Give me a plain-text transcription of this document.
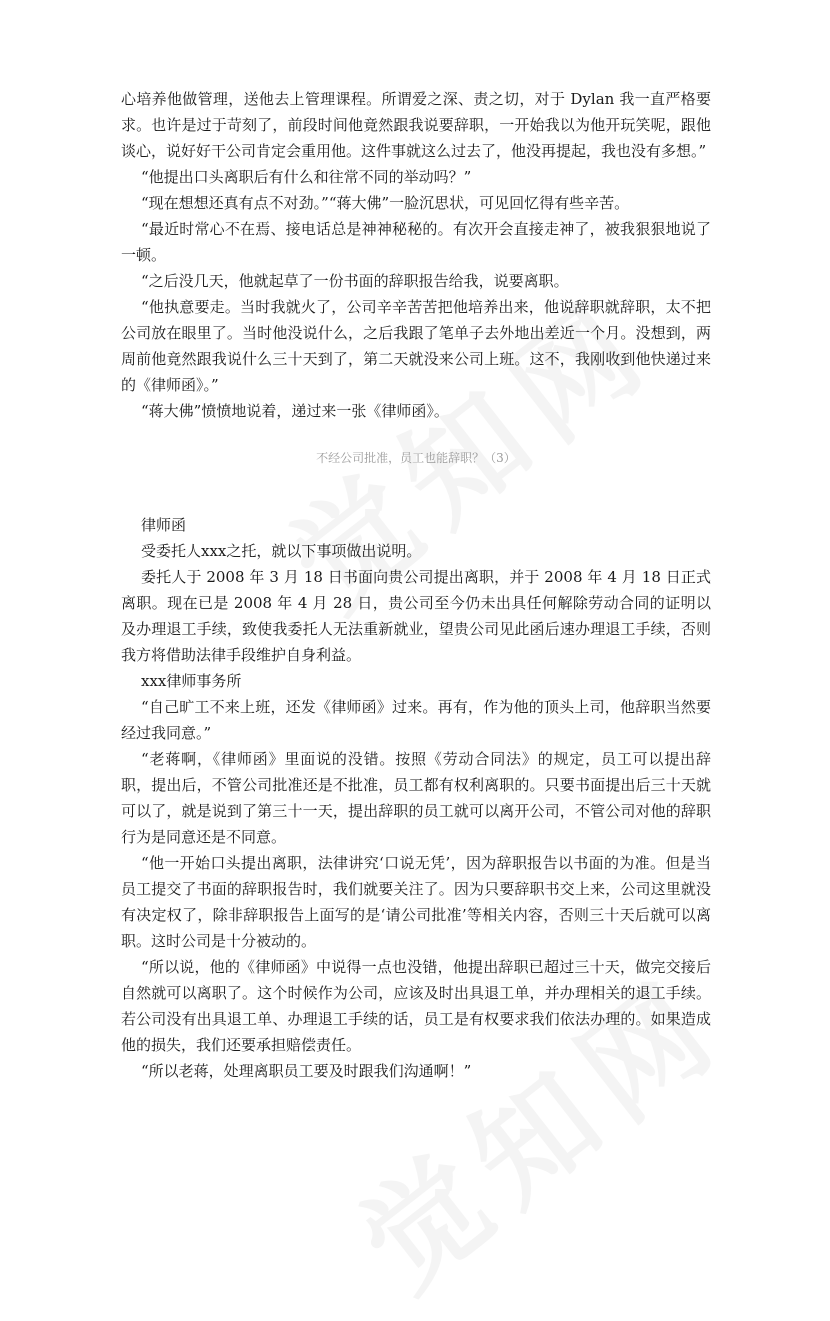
心培养他做管理，送他去上管理课程。所谓爱之深、责之切，对于 Dylan 我一直严格要求。也许是过于苛刻了，前段时间他竟然跟我说要辞职，一开始我以为他开玩笑呢，跟他谈心，说好好干公司肯定会重用他。这件事就这么过去了，他没再提起，我也没有多想。”

“他提出口头离职后有什么和往常不同的举动吗？”

“现在想想还真有点不对劲。”“蒋大佛”一脸沉思状，可见回忆得有些辛苦。

“最近时常心不在焉、接电话总是神神秘秘的。有次开会直接走神了，被我狠狠地说了一顿。

“之后没几天，他就起草了一份书面的辞职报告给我，说要离职。

“他执意要走。当时我就火了，公司辛辛苦苦把他培养出来，他说辞职就辞职，太不把公司放在眼里了。当时他没说什么，之后我跟了笔单子去外地出差近一个月。没想到，两周前他竟然跟我说什么三十天到了，第二天就没来公司上班。这不，我刚收到他快递过来的《律师函》。”

“蒋大佛”愤愤地说着，递过来一张《律师函》。

不经公司批准，员工也能辞职？（3）

律师函

受委托人xxx之托，就以下事项做出说明。

委托人于 2008 年 3 月 18 日书面向贵公司提出离职，并于 2008 年 4 月 18 日正式离职。现在已是 2008 年 4 月 28 日，贵公司至今仍未出具任何解除劳动合同的证明以及办理退工手续，致使我委托人无法重新就业，望贵公司见此函后速办理退工手续，否则我方将借助法律手段维护自身利益。

xxx律师事务所

“自己旷工不来上班，还发《律师函》过来。再有，作为他的顶头上司，他辞职当然要经过我同意。”

“老蒋啊，《律师函》里面说的没错。按照《劳动合同法》的规定，员工可以提出辞职，提出后，不管公司批准还是不批准，员工都有权利离职的。只要书面提出后三十天就可以了，就是说到了第三十一天，提出辞职的员工就可以离开公司，不管公司对他的辞职行为是同意还是不同意。

“他一开始口头提出离职，法律讲究‘口说无凭’，因为辞职报告以书面的为准。但是当员工提交了书面的辞职报告时，我们就要关注了。因为只要辞职书交上来，公司这里就没有决定权了，除非辞职报告上面写的是‘请公司批准’等相关内容，否则三十天后就可以离职。这时公司是十分被动的。

“所以说，他的《律师函》中说得一点也没错，他提出辞职已超过三十天，做完交接后自然就可以离职了。这个时候作为公司，应该及时出具退工单，并办理相关的退工手续。若公司没有出具退工单、办理退工手续的话，员工是有权要求我们依法办理的。如果造成他的损失，我们还要承担赔偿责任。

“所以老蒋，处理离职员工要及时跟我们沟通啊！”
